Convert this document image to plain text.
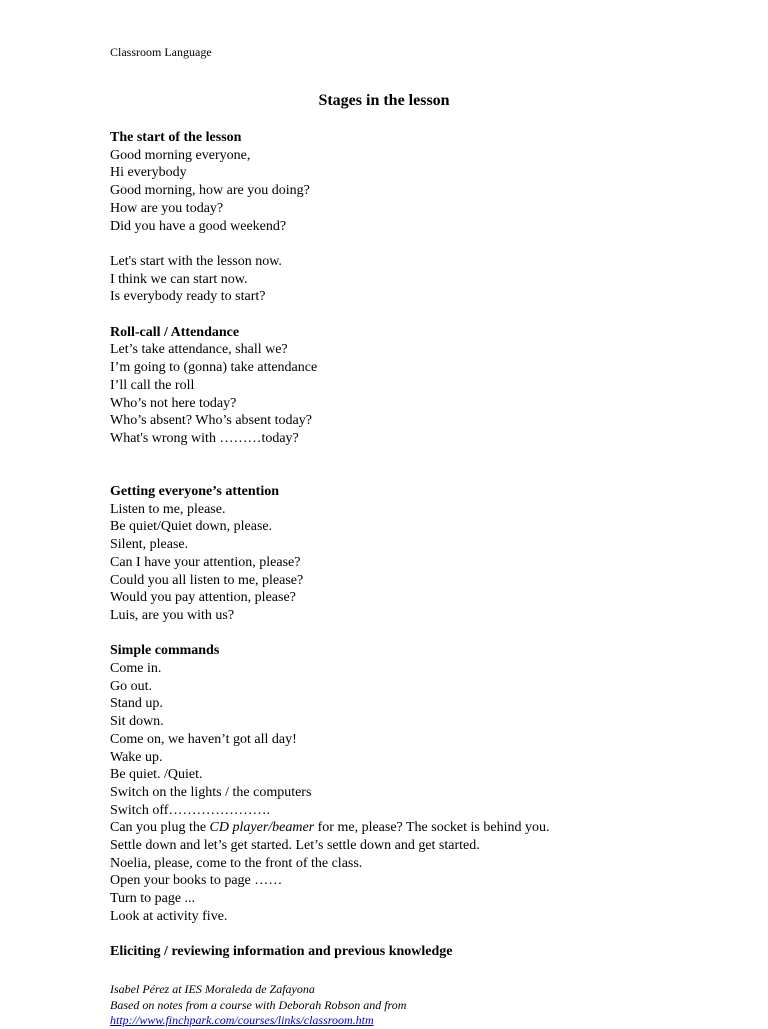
Classroom Language
Stages in the lesson
The start of the lesson
Good morning everyone,
Hi everybody
Good morning, how are you doing?
How are you today?
Did you have a good weekend?
Let's start with the lesson now.
I think we can start now.
Is everybody ready to start?
Roll-call / Attendance
Let’s take attendance, shall we?
I’m going to (gonna) take attendance
I’ll call the roll
Who’s not here today?
Who’s absent? Who’s absent today?
What's wrong with ………today?
Getting everyone’s attention
Listen to me, please.
Be quiet/Quiet down, please.
Silent, please.
Can I have your attention, please?
Could you all listen to me, please?
Would you pay attention, please?
Luis, are you with us?
Simple commands
Come in.
Go out.
Stand up.
Sit down.
Come on, we haven’t got all day!
Wake up.
Be quiet. /Quiet.
Switch on the lights / the computers
Switch off………………….
Can you plug the CD player/beamer for me, please? The socket is behind you.
Settle down and let’s get started. Let’s settle down and get started.
Noelia, please, come to the front of the class.
Open your books to page ……
Turn to page ...
Look at activity five.
Eliciting / reviewing information and previous knowledge
Isabel Pérez at IES Moraleda de Zafayona
Based on notes from a course with Deborah Robson and from
http://www.finchpark.com/courses/links/classroom.htm
